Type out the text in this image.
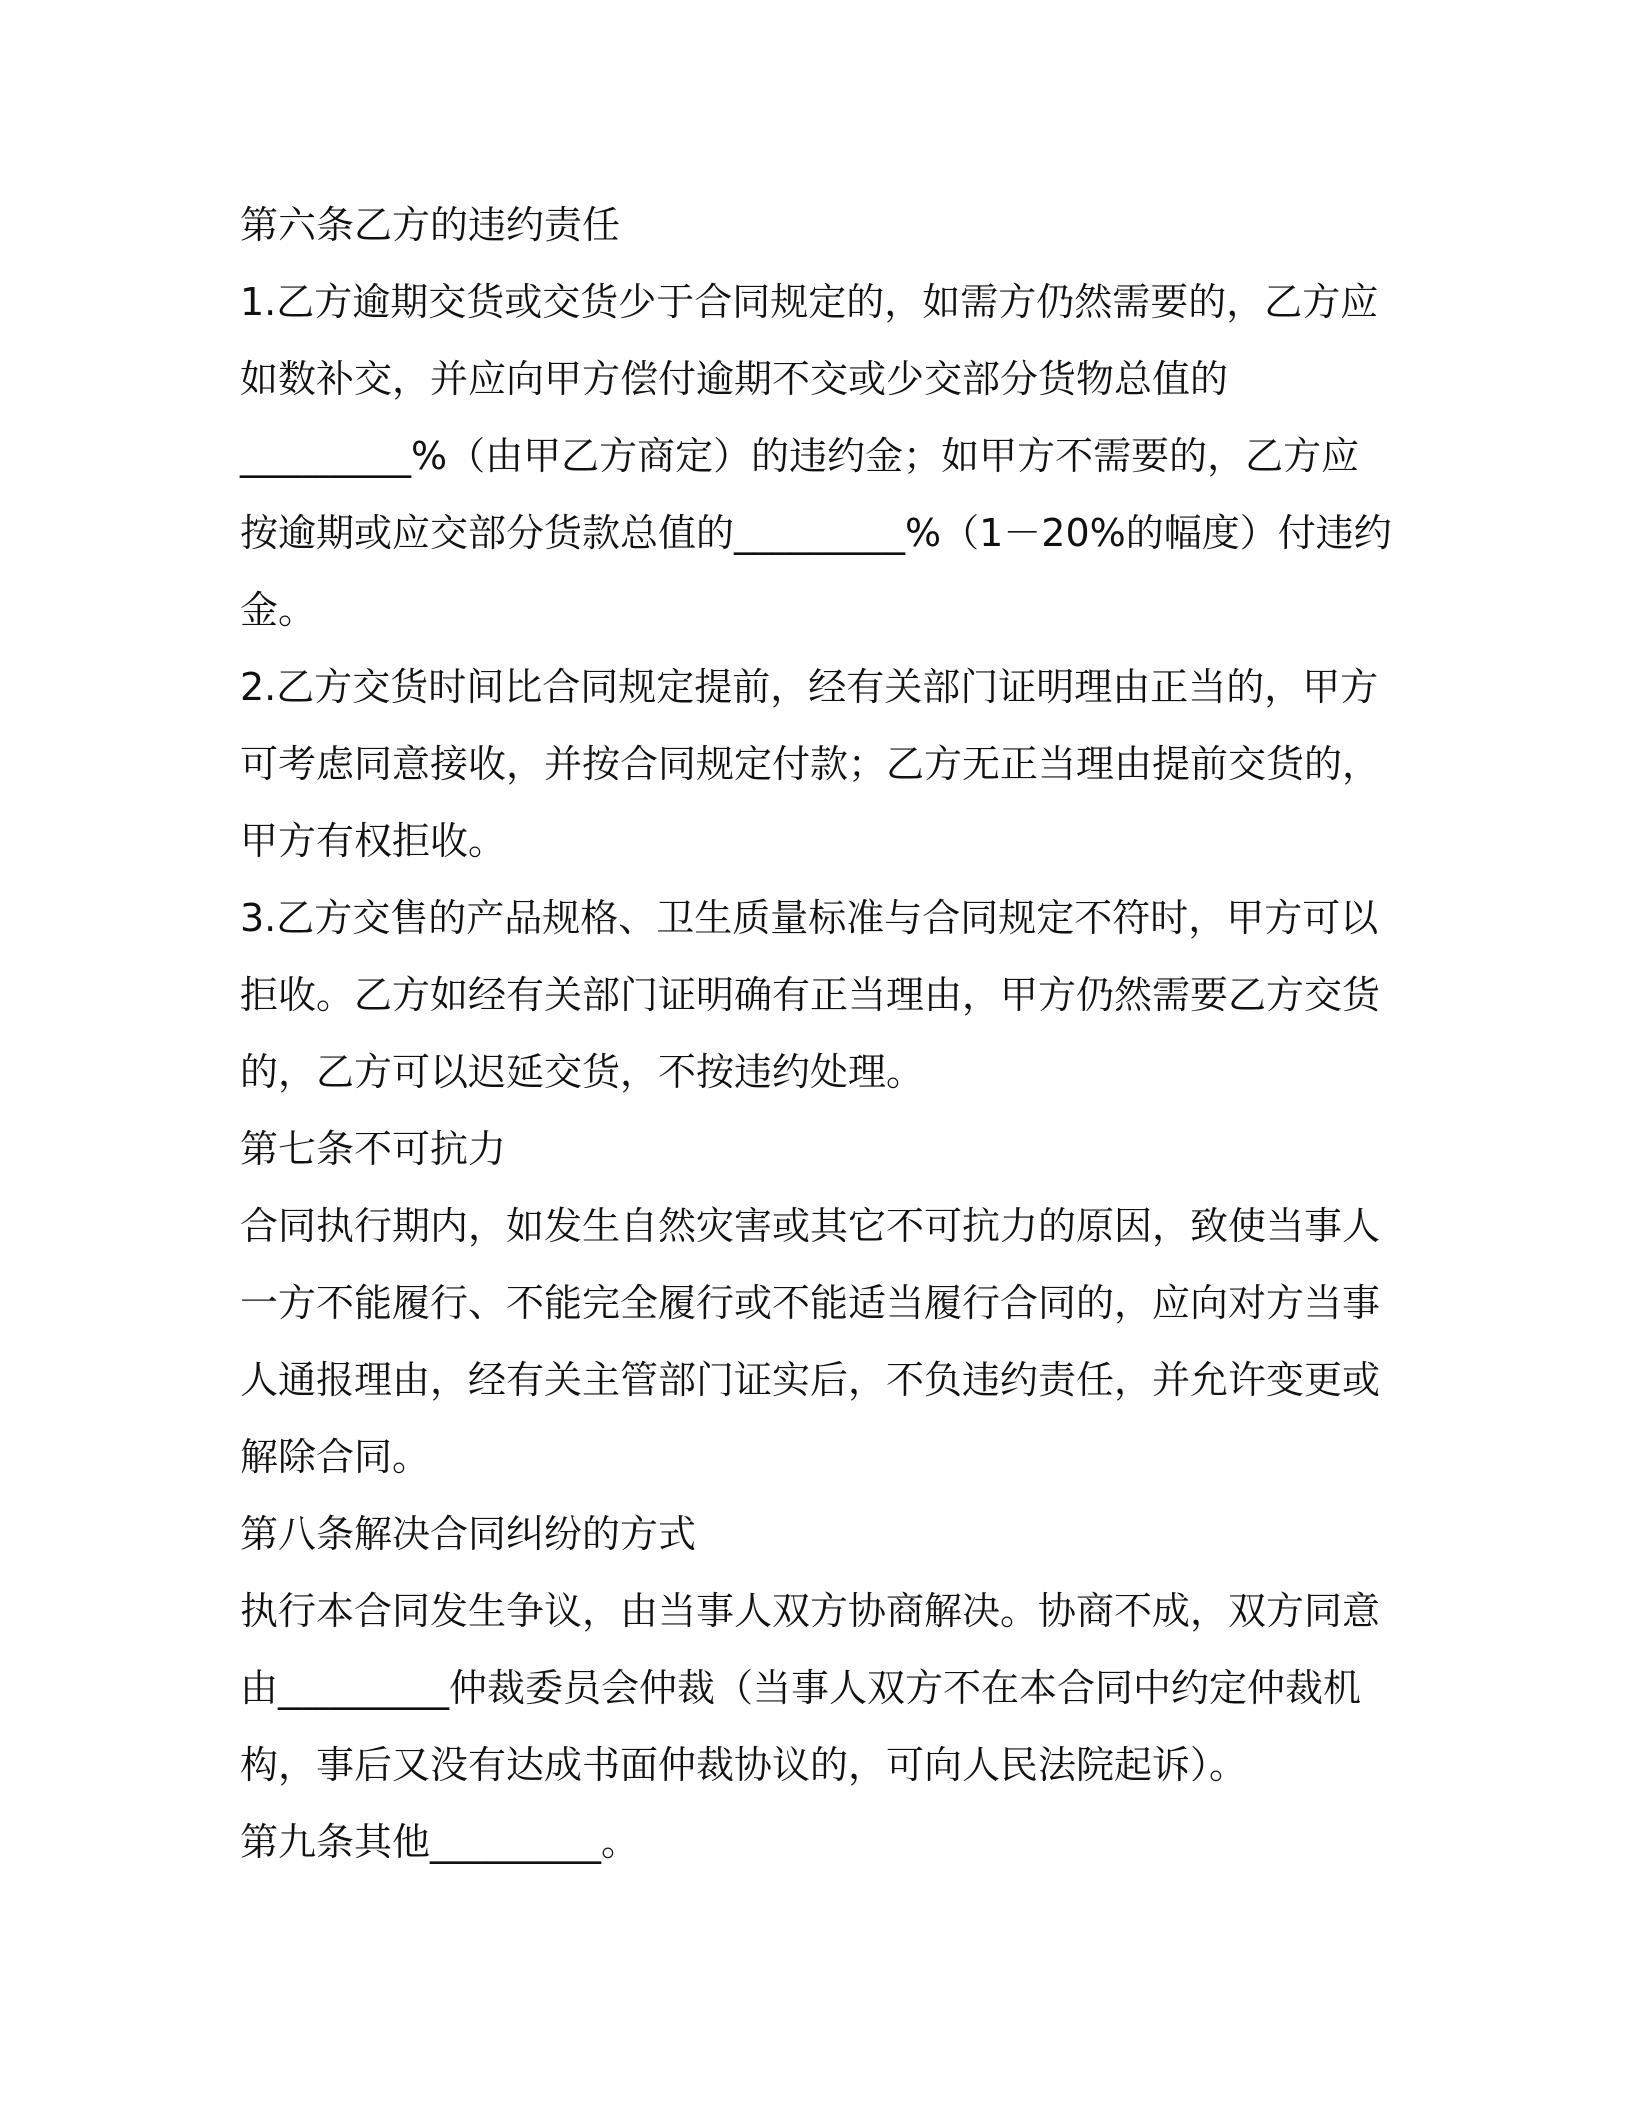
第六条乙方的违约责任
1.乙方逾期交货或交货少于合同规定的，如需方仍然需要的，乙方应
如数补交，并应向甲方偿付逾期不交或少交部分货物总值的
_________%（由甲乙方商定）的违约金；如甲方不需要的，乙方应
按逾期或应交部分货款总值的_________%（1－20%的幅度）付违约
金。
2.乙方交货时间比合同规定提前，经有关部门证明理由正当的，甲方
可考虑同意接收，并按合同规定付款；乙方无正当理由提前交货的，
甲方有权拒收。
3.乙方交售的产品规格、卫生质量标准与合同规定不符时，甲方可以
拒收。乙方如经有关部门证明确有正当理由，甲方仍然需要乙方交货
的，乙方可以迟延交货，不按违约处理。
第七条不可抗力
合同执行期内，如发生自然灾害或其它不可抗力的原因，致使当事人
一方不能履行、不能完全履行或不能适当履行合同的，应向对方当事
人通报理由，经有关主管部门证实后，不负违约责任，并允许变更或
解除合同。
第八条解决合同纠纷的方式
执行本合同发生争议，由当事人双方协商解决。协商不成，双方同意
由_________仲裁委员会仲裁（当事人双方不在本合同中约定仲裁机
构，事后又没有达成书面仲裁协议的，可向人民法院起诉）。
第九条其他_________。
